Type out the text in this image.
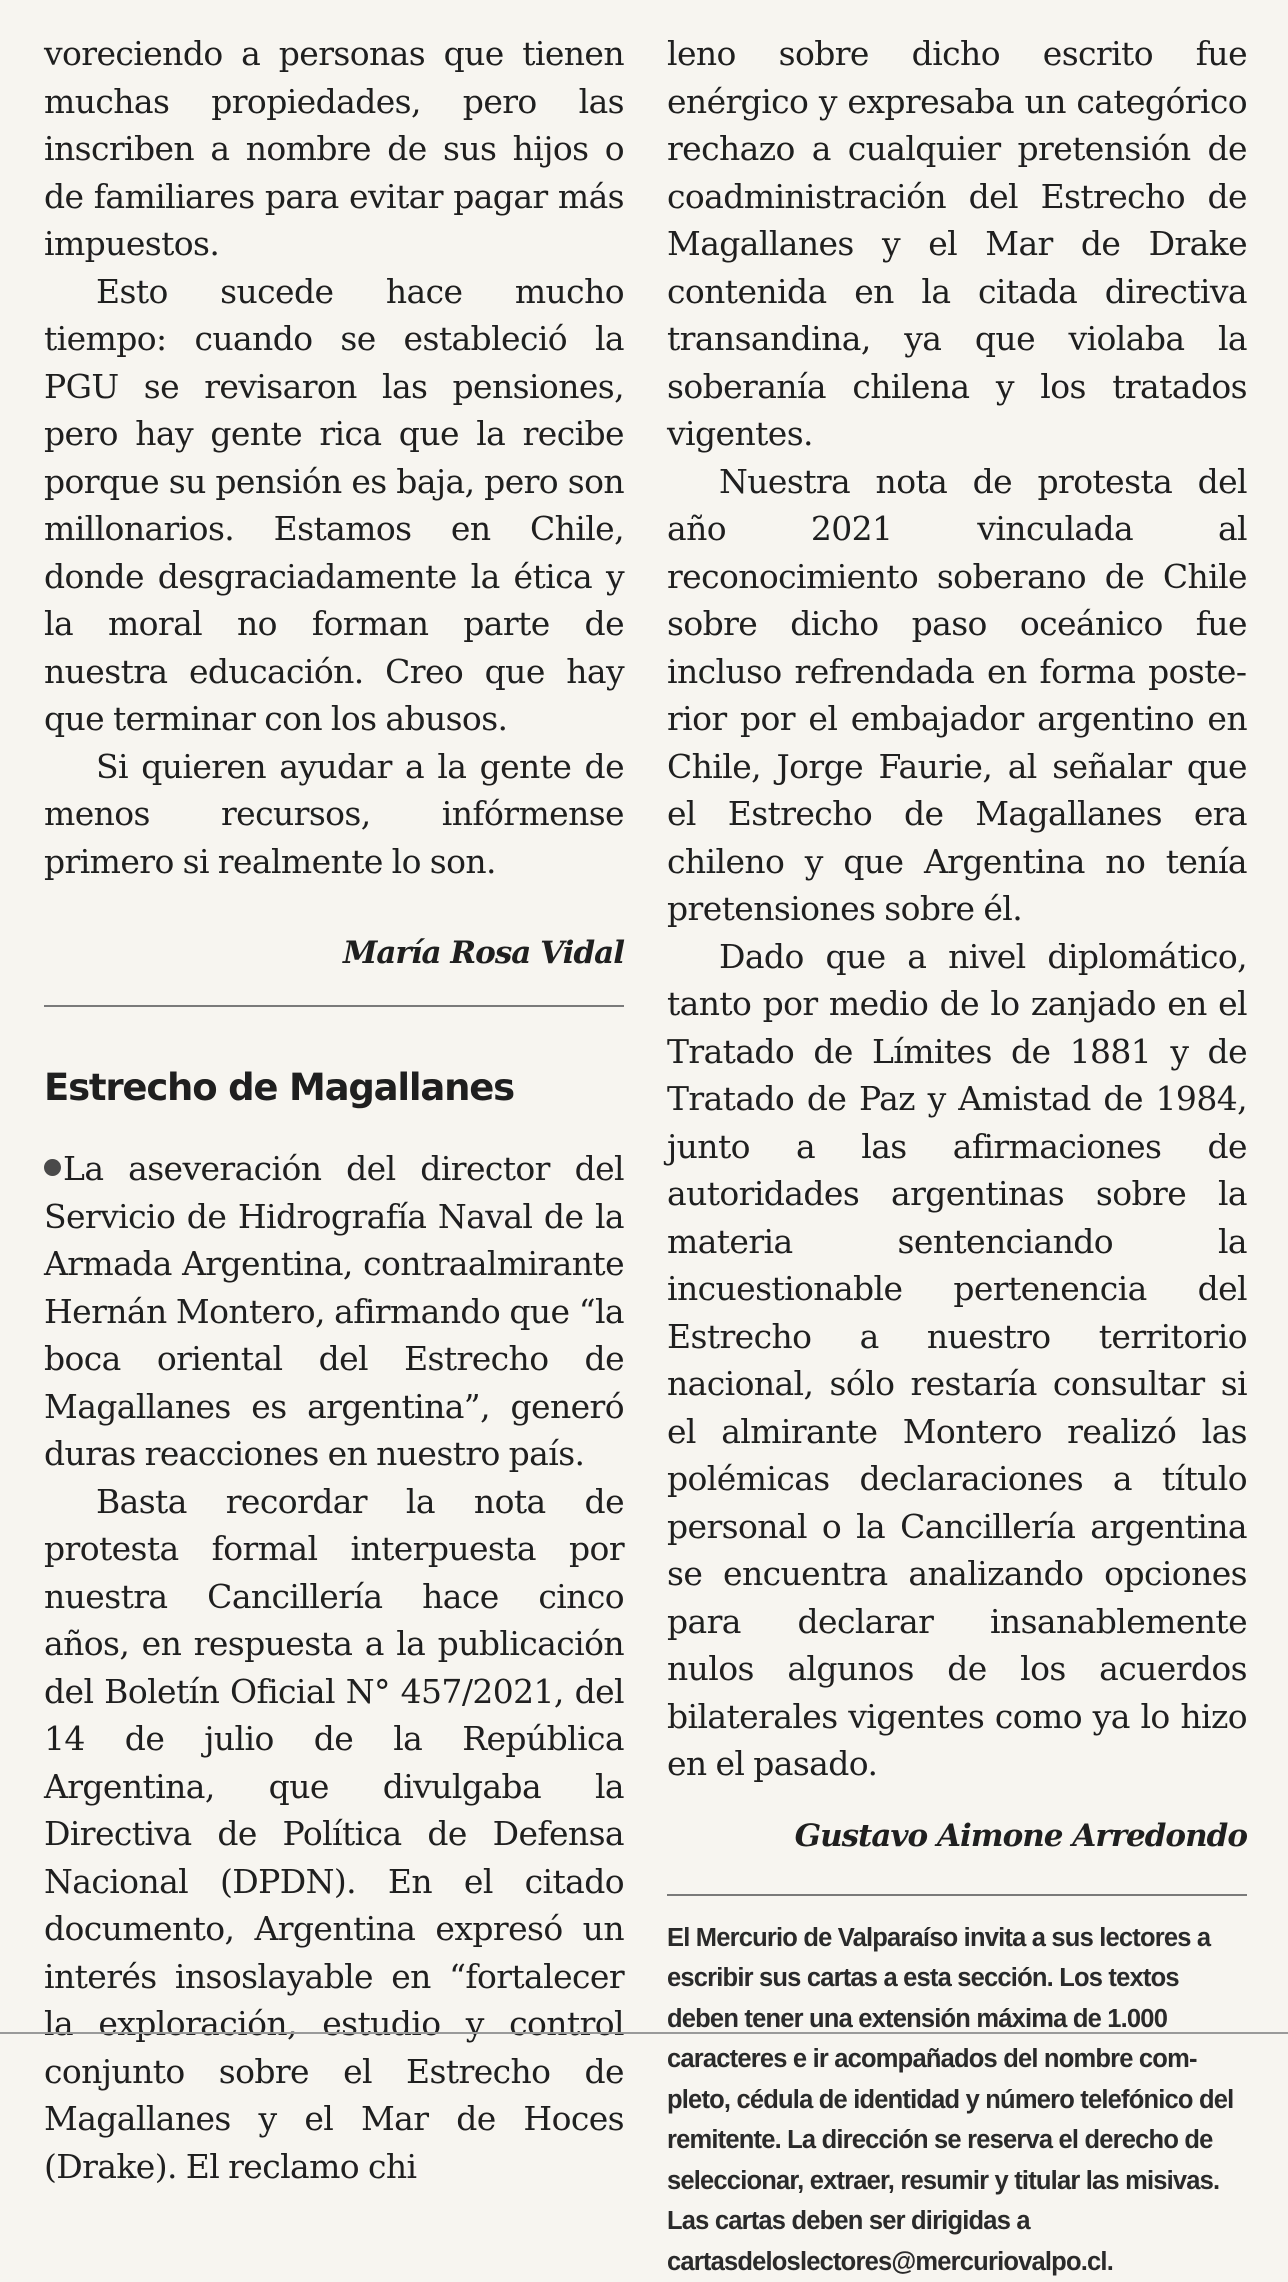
voreciendo a personas que tienen muchas propiedades, pero las inscriben a nombre de sus hijos o de familiares para evitar pagar más impuestos.

Esto sucede hace mucho tiempo: cuando se estableció la PGU se revisaron las pensiones, pero hay gente rica que la recibe porque su pensión es baja, pero son millonarios. Estamos en Chile, donde desgraciadamente la ética y la moral no forman parte de nuestra educación. Creo que hay que terminar con los abusos.

Si quieren ayudar a la gente de menos recursos, infórmense primero si realmente lo son.

María Rosa Vidal
Estrecho de Magallanes

La aseveración del director del Servicio de Hidrografía Naval de la Armada Argentina, contraalmirante Hernán Montero, afirmando que “la boca oriental del Estrecho de Magallanes es argentina”, generó duras reacciones en nuestro país.

Basta recordar la nota de protesta formal interpuesta por nuestra Cancillería hace cinco años, en respuesta a la publicación del Boletín Oficial N° 457/2021, del 14 de julio de la República Argentina, que divulgaba la Directiva de Política de Defensa Nacional (DPDN). En el citado documento, Argentina expresó un interés insoslayable en “fortalecer la exploración, estudio y control conjunto sobre el Estrecho de Magallanes y el Mar de Hoces (Drake). El reclamo chi

leno sobre dicho escrito fue enérgico y expresaba un categórico rechazo a cualquier pretensión de coadministración del Estrecho de Magallanes y el Mar de Drake contenida en la citada directiva transandina, ya que violaba la soberanía chilena y los tratados vigentes.

Nuestra nota de protesta del año 2021 vinculada al reconocimiento soberano de Chile sobre dicho paso oceánico fue incluso refrendada en forma posterior por el embajador argentino en Chile, Jorge Faurie, al señalar que el Estrecho de Magallanes era chileno y que Argentina no tenía pretensiones sobre él.

Dado que a nivel diplomático, tanto por medio de lo zanjado en el Tratado de Límites de 1881 y de Tratado de Paz y Amistad de 1984, junto a las afirmaciones de autoridades argentinas sobre la materia sentenciando la incuestionable pertenencia del Estrecho a nuestro territorio nacional, sólo restaría consultar si el almirante Montero realizó las polémicas declaraciones a título personal o la Cancillería argentina se encuentra analizando opciones para declarar insanablemente nulos algunos de los acuerdos bilaterales vigentes como ya lo hizo en el pasado.

Gustavo Aimone Arredondo
El Mercurio de Valparaíso invita a sus lectores a escribir sus cartas a esta sección. Los textos deben tener una extensión máxima de 1.000 caracteres e ir acompañados del nombre completo, cédula de identidad y número telefónico del remitente. La dirección se reserva el derecho de seleccionar, extraer, resumir y titular las misivas. Las cartas deben ser dirigidas a cartasdeloslectores@mercuriovalpo.cl.
